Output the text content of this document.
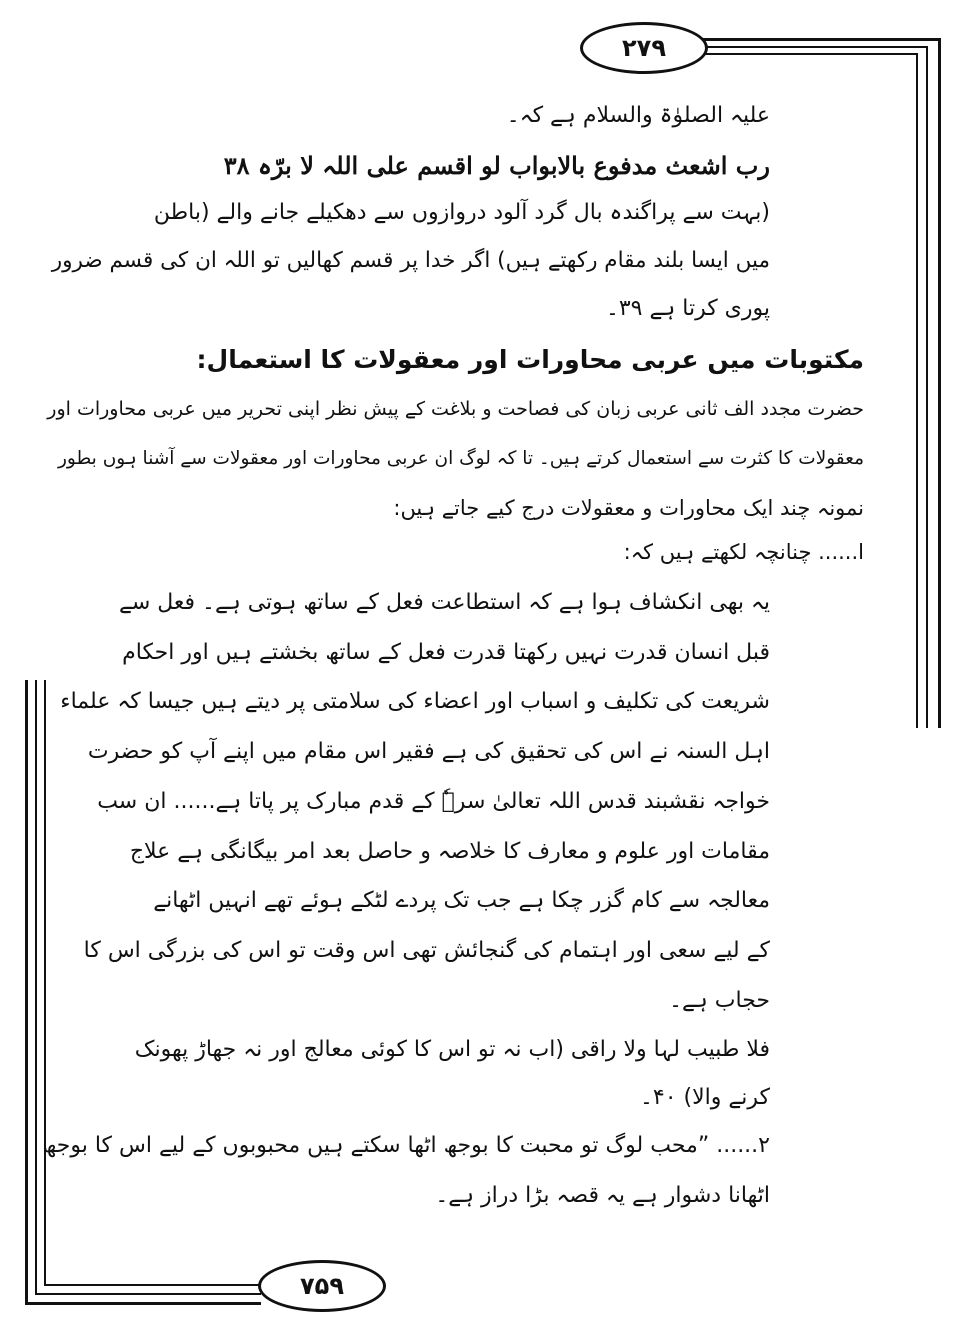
۲۷۹
۷۵۹
علیہ الصلوٰۃ والسلام ہے کہ۔
رب اشعث مدفوع بالابواب لو اقسم علی اللہ لا برّہ ۳۸
(بہت سے پراگندہ بال گرد آلود دروازوں سے دھکیلے جانے والے (باطن
میں ایسا بلند مقام رکھتے ہیں) اگر خدا پر قسم کھالیں تو اللہ ان کی قسم ضرور
پوری کرتا ہے ۳۹۔
مکتوبات میں عربی محاورات اور معقولات کا استعمال:
حضرت مجدد الف ثانی عربی زبان کی فصاحت و بلاغت کے پیش نظر اپنی تحریر میں عربی محاورات اور
معقولات کا کثرت سے استعمال کرتے ہیں۔ تا کہ لوگ ان عربی محاورات اور معقولات سے آشنا ہوں بطور
نمونہ چند ایک محاورات و معقولات درج کیے جاتے ہیں:
ا...... چنانچہ لکھتے ہیں کہ:
یہ بھی انکشاف ہوا ہے کہ استطاعت فعل کے ساتھ ہوتی ہے۔ فعل سے
قبل انسان قدرت نہیں رکھتا قدرت فعل کے ساتھ بخشتے ہیں اور احکام
شریعت کی تکلیف و اسباب اور اعضاء کی سلامتی پر دیتے ہیں جیسا کہ علماء
اہل السنہ نے اس کی تحقیق کی ہے فقیر اس مقام میں اپنے آپ کو حضرت
خواجہ نقشبند قدس اللہ تعالیٰ سرہٗ کے قدم مبارک پر پاتا ہے...... ان سب
مقامات اور علوم و معارف کا خلاصہ و حاصل بعد امر بیگانگی ہے علاج
معالجہ سے کام گزر چکا ہے جب تک پردے لٹکے ہوئے تھے انہیں اٹھانے
کے لیے سعی اور اہتمام کی گنجائش تھی اس وقت تو اس کی بزرگی اس کا
حجاب ہے۔
فلا طبیب لہا ولا راقی (اب نہ تو اس کا کوئی معالج اور نہ جھاڑ پھونک
کرنے والا) ۴۰۔
۲...... ”محب لوگ تو محبت کا بوجھ اٹھا سکتے ہیں محبوبوں کے لیے اس کا بوجھ
اٹھانا دشوار ہے یہ قصہ بڑا دراز ہے۔
